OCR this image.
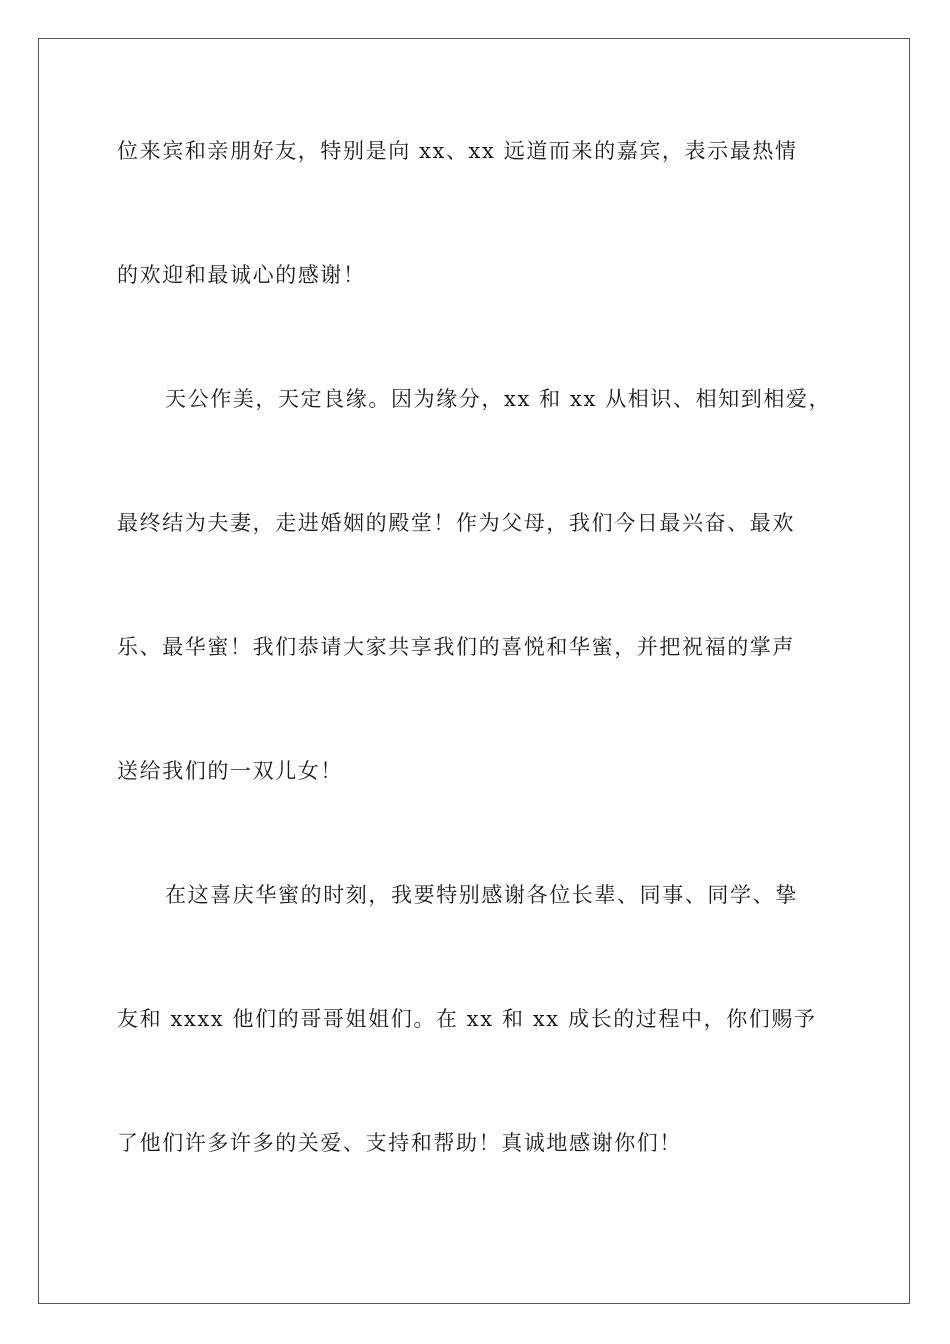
位来宾和亲朋好友，特别是向 xx、xx 远道而来的嘉宾，表示最热情
的欢迎和最诚心的感谢！
天公作美，天定良缘。因为缘分，xx 和 xx 从相识、相知到相爱，
最终结为夫妻，走进婚姻的殿堂！作为父母，我们今日最兴奋、最欢
乐、最华蜜！我们恭请大家共享我们的喜悦和华蜜，并把祝福的掌声
送给我们的一双儿女！
在这喜庆华蜜的时刻，我要特别感谢各位长辈、同事、同学、挚
友和 xxxx 他们的哥哥姐姐们。在 xx 和 xx 成长的过程中，你们赐予
了他们许多许多的关爱、支持和帮助！真诚地感谢你们！
